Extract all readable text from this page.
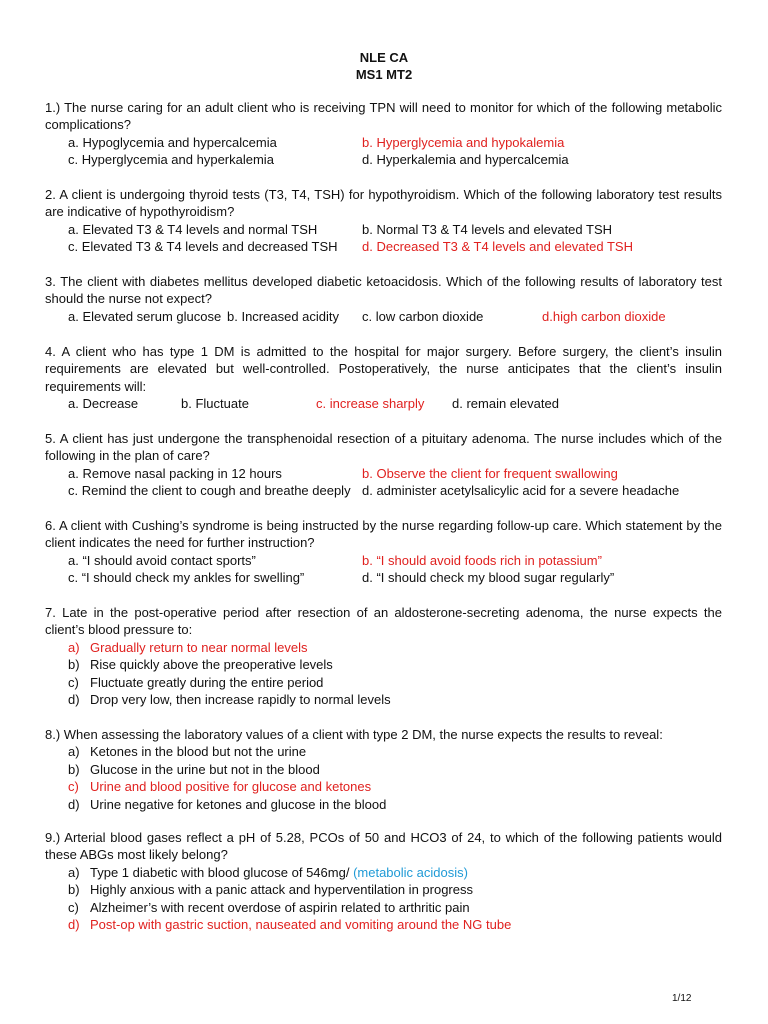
NLE CA
MS1 MT2

1.) The nurse caring for an adult client who is receiving TPN will need to monitor for which of the following metabolic complications?

a. Hypoglycemia and hypercalcemia	b. Hyperglycemia and hypokalemia
c. Hyperglycemia and hyperkalemia	d. Hyperkalemia and hypercalcemia

2. A client is undergoing thyroid tests (T3, T4, TSH) for hypothyroidism. Which of the following laboratory test results are indicative of hypothyroidism?

a. Elevated T3 & T4 levels and normal TSH	b. Normal T3 & T4 levels and elevated TSH
c. Elevated T3 & T4 levels and decreased TSH d. Decreased T3 & T4 levels and elevated TSH

3. The client with diabetes mellitus developed diabetic ketoacidosis. Which of the following results of laboratory test should the nurse not expect?

a. Elevated serum glucose b. Increased acidity c. low carbon dioxide	d.high carbon dioxide

4. A client who has type 1 DM is admitted to the hospital for major surgery. Before surgery, the client’s insulin requirements are elevated but well-controlled. Postoperatively, the nurse anticipates that the client’s insulin requirements will:

a. Decrease	b. Fluctuate	c. increase sharply d. remain elevated

5. A client has just undergone the transphenoidal resection of a pituitary adenoma. The nurse includes which of the following in the plan of care?

a. Remove nasal packing in 12 hours	b. Observe the client for frequent swallowing
c. Remind the client to cough and breathe deeply d. administer acetylsalicylic acid for a severe headache

6. A client with Cushing’s syndrome is being instructed by the nurse regarding follow-up care. Which statement by the client indicates the need for further instruction?

a. “I should avoid contact sports”	b. “I should avoid foods rich in potassium”
c. “I should check my ankles for swelling”	d. “I should check my blood sugar regularly”

7. Late in the post-operative period after resection of an aldosterone-secreting adenoma, the nurse expects the client’s blood pressure to:

a) Gradually return to near normal levels
b) Rise quickly above the preoperative levels
c) Fluctuate greatly during the entire period
d) Drop very low, then increase rapidly to normal levels

8.) When assessing the laboratory values of a client with type 2 DM, the nurse expects the results to reveal:

a) Ketones in the blood but not the urine
b) Glucose in the urine but not in the blood
c) Urine and blood positive for glucose and ketones
d) Urine negative for ketones and glucose in the blood

9.) Arterial blood gases reflect a pH of 5.28, PCOs of 50 and HCO3 of 24, to which of the following patients would these ABGs most likely belong?

a) Type 1 diabetic with blood glucose of 546mg/ (metabolic acidosis)
b) Highly anxious with a panic attack and hyperventilation in progress
c) Alzheimer’s with recent overdose of aspirin related to arthritic pain
d) Post-op with gastric suction, nauseated and vomiting around the NG tube
1/12
